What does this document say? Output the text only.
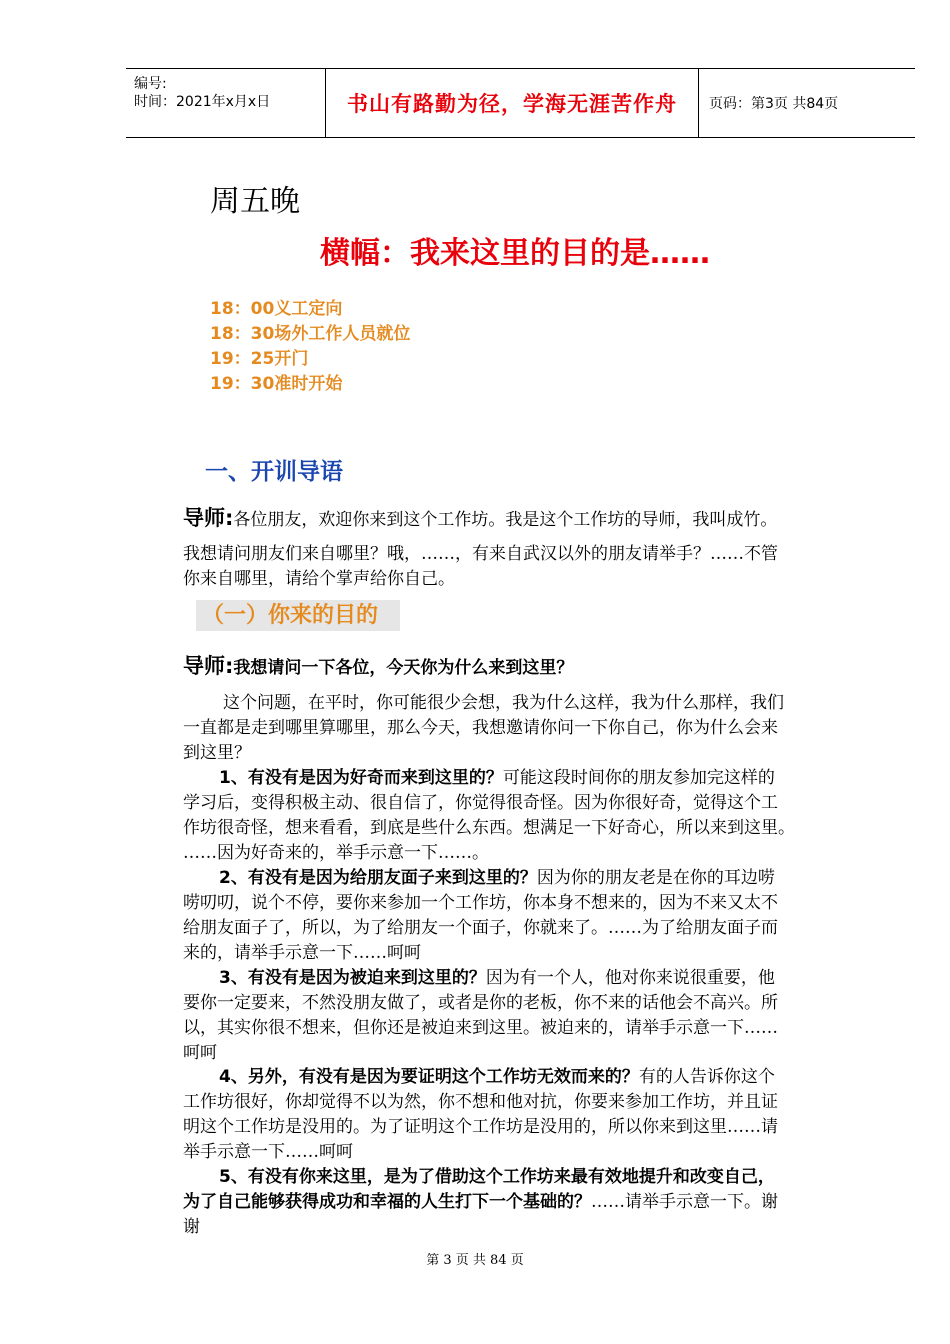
编号:
时间：2021年x月x日	书山有路勤为径，学海无涯苦作舟	页码：第3页 共84页
周五晚
横幅：我来这里的目的是……
18：00义工定向
18：30场外工作人员就位
19：25开门
19：30准时开始
一、开训导语
导师:各位朋友，欢迎你来到这个工作坊。我是这个工作坊的导师，我叫成竹。
我想请问朋友们来自哪里？哦，……，有来自武汉以外的朋友请举手？……不管
你来自哪里，请给个掌声给你自己。
（一）你来的目的
导师:我想请问一下各位，今天你为什么来到这里？
这个问题，在平时，你可能很少会想，我为什么这样，我为什么那样，我们
一直都是走到哪里算哪里，那么今天，我想邀请你问一下你自己，你为什么会来
到这里？
1、有没有是因为好奇而来到这里的？可能这段时间你的朋友参加完这样的
学习后，变得积极主动、很自信了，你觉得很奇怪。因为你很好奇，觉得这个工
作坊很奇怪，想来看看，到底是些什么东西。想满足一下好奇心，所以来到这里。
……因为好奇来的，举手示意一下……。
2、有没有是因为给朋友面子来到这里的？因为你的朋友老是在你的耳边唠
唠叨叨，说个不停，要你来参加一个工作坊，你本身不想来的，因为不来又太不
给朋友面子了，所以，为了给朋友一个面子，你就来了。……为了给朋友面子而
来的，请举手示意一下……呵呵
3、有没有是因为被迫来到这里的？因为有一个人，他对你来说很重要，他
要你一定要来，不然没朋友做了，或者是你的老板，你不来的话他会不高兴。所
以，其实你很不想来，但你还是被迫来到这里。被迫来的，请举手示意一下……
呵呵
4、另外，有没有是因为要证明这个工作坊无效而来的？有的人告诉你这个
工作坊很好，你却觉得不以为然，你不想和他对抗，你要来参加工作坊，并且证
明这个工作坊是没用的。为了证明这个工作坊是没用的，所以你来到这里……请
举手示意一下……呵呵
5、有没有你来这里，是为了借助这个工作坊来最有效地提升和改变自己，
为了自己能够获得成功和幸福的人生打下一个基础的？……请举手示意一下。谢
谢
第 3 页 共 84 页
